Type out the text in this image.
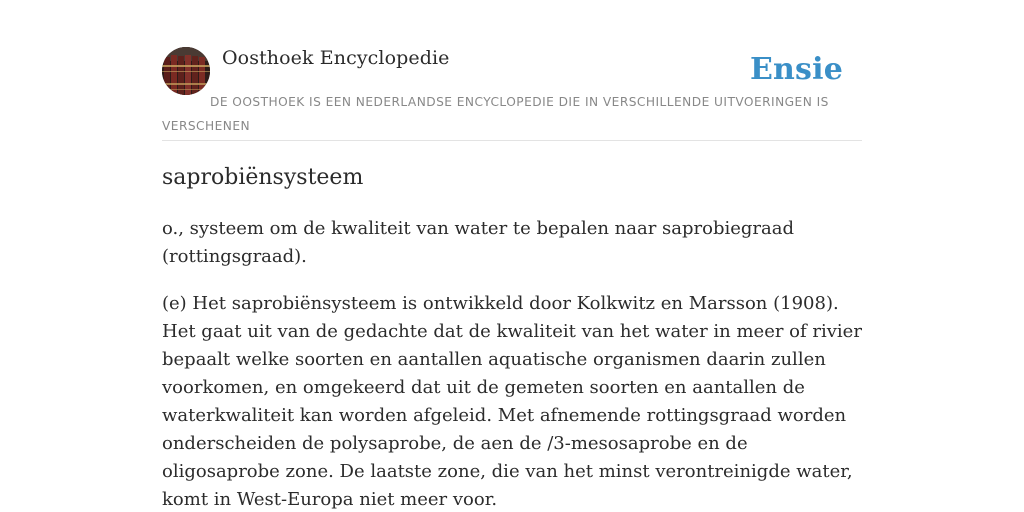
Oosthoek Encyclopedie	Ensie
DE OOSTHOEK IS EEN NEDERLANDSE ENCYCLOPEDIE DIE IN VERSCHILLENDE UITVOERINGEN IS VERSCHENEN
saprobiënsysteem

o., systeem om de kwaliteit van water te bepalen naar saprobiegraad (rottingsgraad).

(e) Het saprobiënsysteem is ontwikkeld door Kolkwitz en Marsson (1908). Het gaat uit van de gedachte dat de kwaliteit van het water in meer of rivier bepaalt welke soorten en aantallen aquatische organismen daarin zullen voorkomen, en omgekeerd dat uit de gemeten soorten en aantallen de waterkwaliteit kan worden afgeleid. Met afnemende rottingsgraad worden onderscheiden de polysaprobe, de aen de /3-mesosaprobe en de oligosaprobe zone. De laatste zone, die van het minst verontreinigde water, komt in West-Europa niet meer voor.
